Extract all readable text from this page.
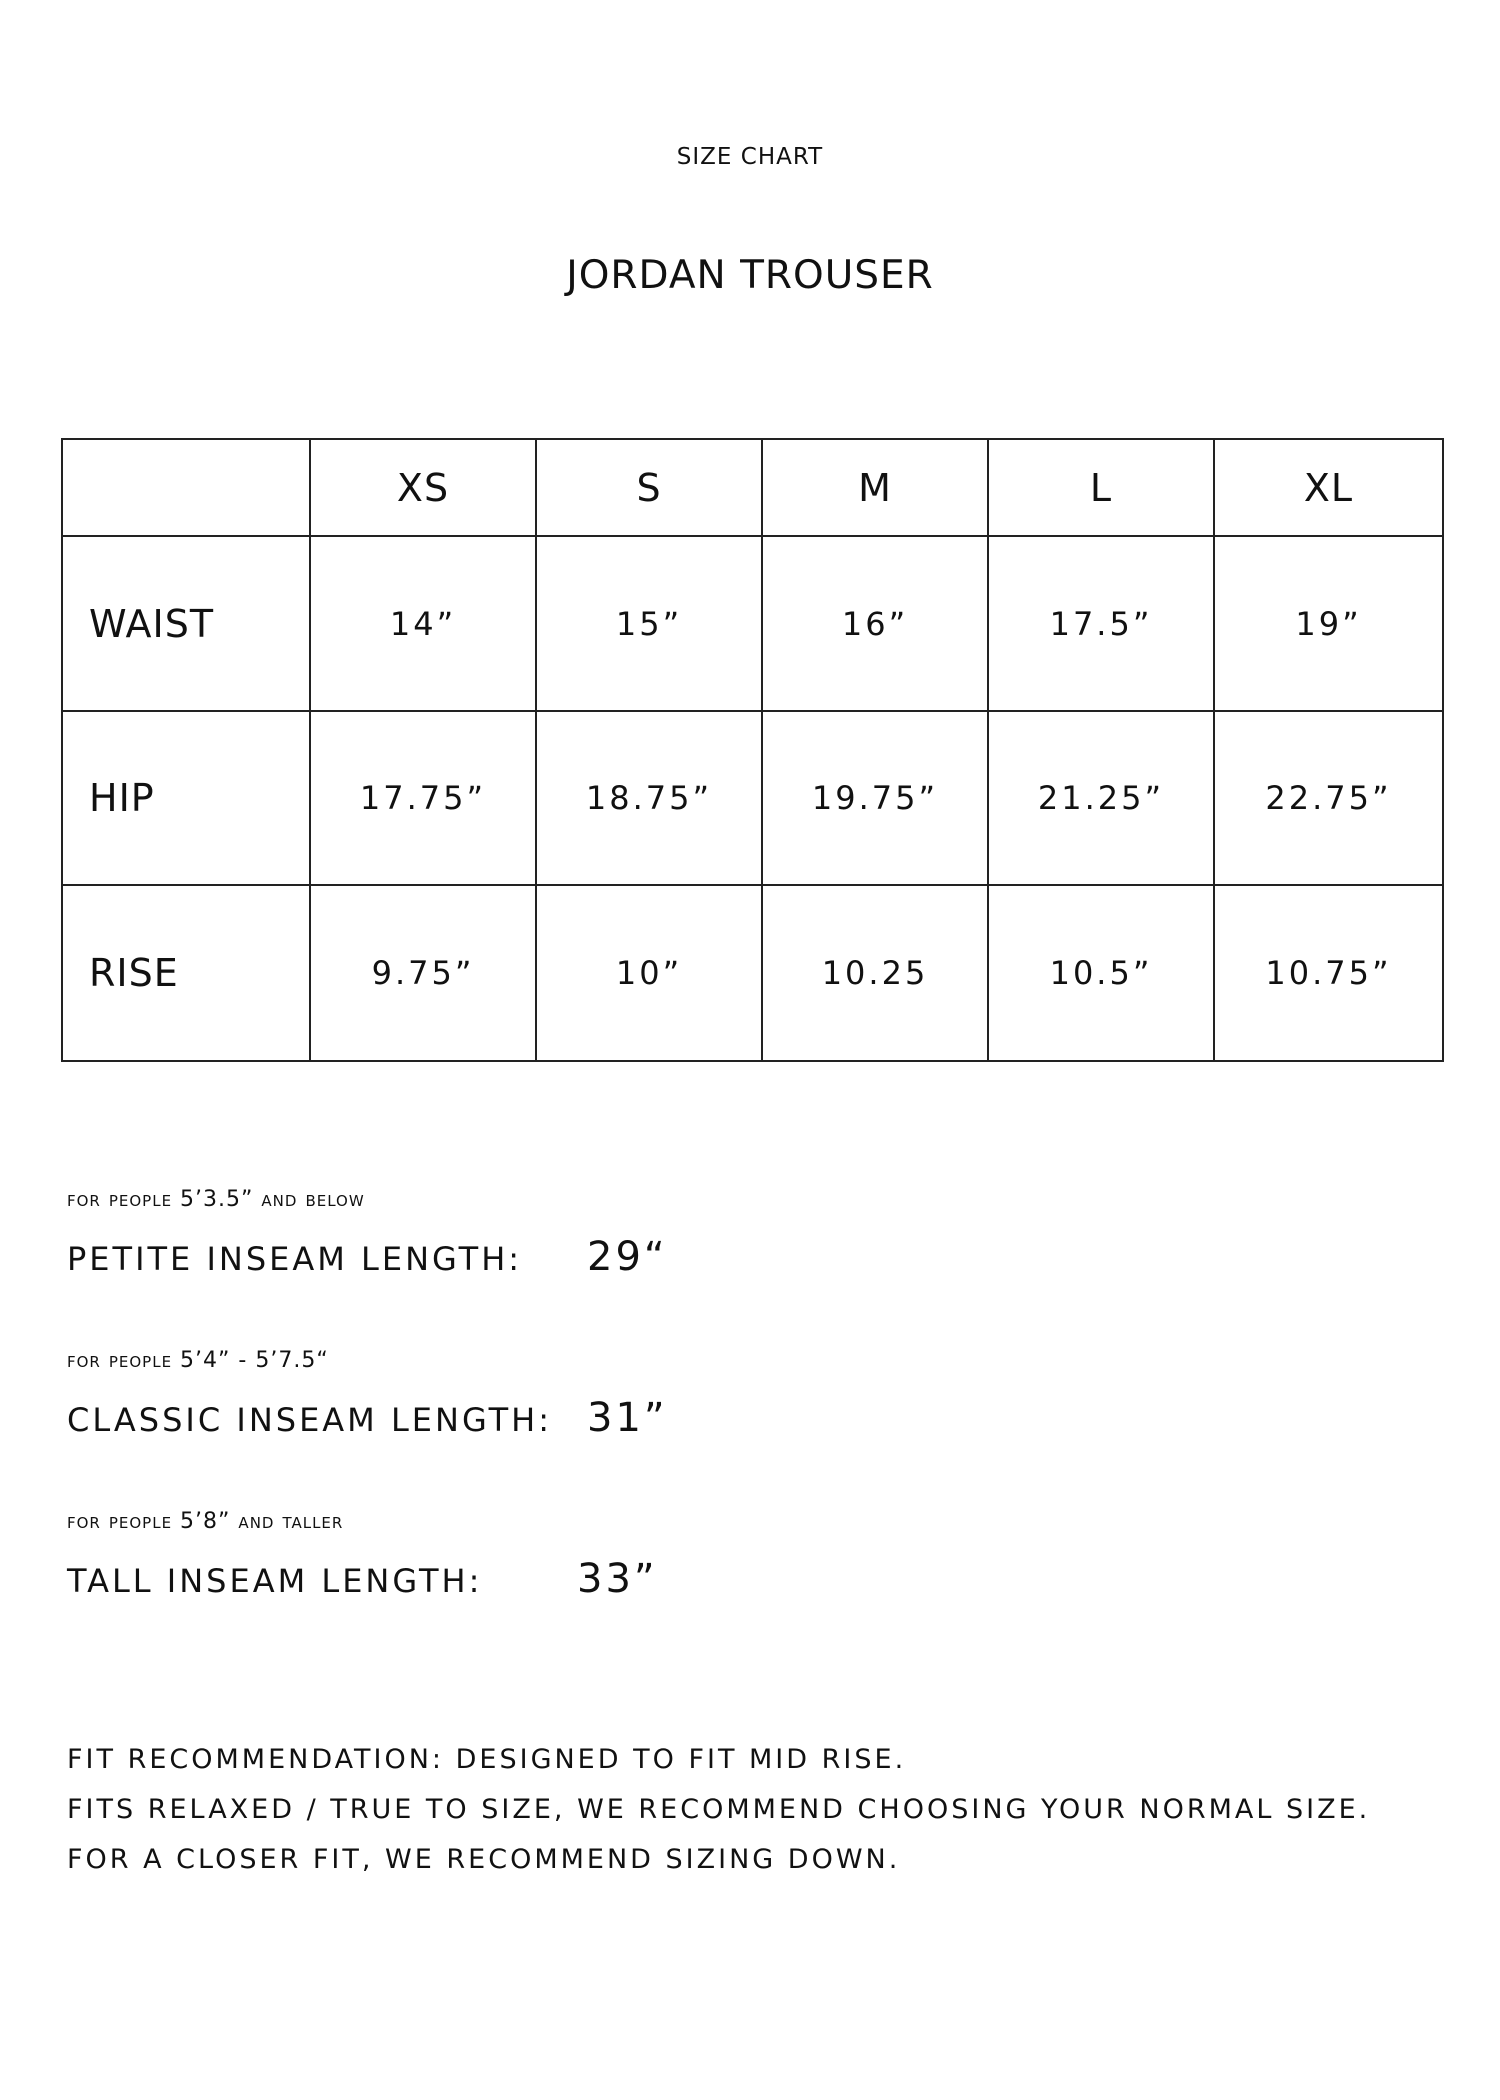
SIZE CHART
JORDAN TROUSER
	XS	S	M	L	XL
WAIST	14”	15”	16”	17.5”	19”
HIP	17.75”	18.75”	19.75”	21.25”	22.75”
RISE	9.75”	10”	10.25	10.5”	10.75”
for people 5’3.5” and below
PETITE INSEAM LENGTH: 29“
for people 5’4” - 5’7.5“
CLASSIC INSEAM LENGTH: 31”
for people 5’8” and taller
TALL INSEAM LENGTH: 33”
FIT RECOMMENDATION: DESIGNED TO FIT MID RISE.
FITS RELAXED / TRUE TO SIZE, WE RECOMMEND CHOOSING YOUR NORMAL SIZE.
FOR A CLOSER FIT, WE RECOMMEND SIZING DOWN.
